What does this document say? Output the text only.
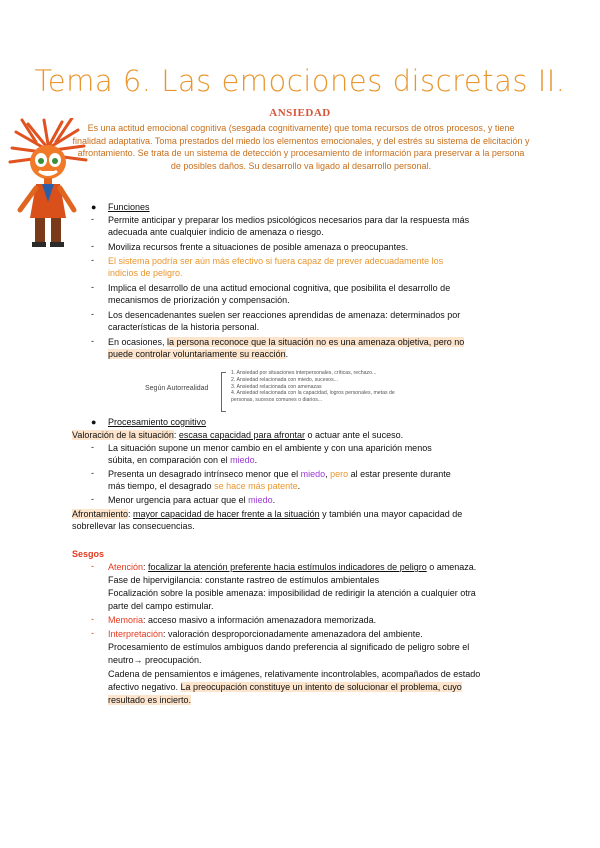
Tema 6. Las emociones discretas II.
ANSIEDAD
Es una actitud emocional cognitiva (sesgada cognitivamente) que toma recursos de otros procesos, y tiene finalidad adaptativa. Toma prestados del miedo los elementos emocionales, y del estrés su sistema de elicitación y afrontamiento. Se trata de un sistema de detección y procesamiento de información para preservar a la persona de posibles daños. Su desarrollo va ligado al desarrollo personal.
● Funciones
- Permite anticipar y preparar los medios psicológicos necesarios para dar la respuesta más
adecuada ante cualquier indicio de amenaza o riesgo.
- Moviliza recursos frente a situaciones de posible amenaza o preocupantes.
- El sistema podría ser aún más efectivo si fuera capaz de prever adecuadamente los
indicios de peligro.
- Implica el desarrollo de una actitud emocional cognitiva, que posibilita el desarrollo de
mecanismos de priorización y compensación.
- Los desencadenantes suelen ser reacciones aprendidas de amenaza: determinados por
características de la historia personal.
- En ocasiones, la persona reconoce que la situación no es una amenaza objetiva, pero no
puede controlar voluntariamente su reacción.
Según Autorrealidad
1. Ansiedad por situaciones interpersonales, críticas, rechazo...
2. Ansiedad relacionada con miedo, sucesos...
3. Ansiedad relacionada con amenazas
4. Ansiedad relacionada con la capacidad, logros personales, metas de
personas, sucesos comunes o diarios...
● Procesamiento cognitivo
Valoración de la situación: escasa capacidad para afrontar o actuar ante el suceso.
- La situación supone un menor cambio en el ambiente y con una aparición menos
súbita, en comparación con el miedo.
- Presenta un desagrado intrínseco menor que el miedo, pero al estar presente durante
más tiempo, el desagrado se hace más patente.
- Menor urgencia para actuar que el miedo.
Afrontamiento: mayor capacidad de hacer frente a la situación y también una mayor capacidad de
sobrellevar las consecuencias.
Sesgos
- Atención: focalizar la atención preferente hacia estímulos indicadores de peligro o amenaza.
Fase de hipervigilancia: constante rastreo de estímulos ambientales
Focalización sobre la posible amenaza: imposibilidad de redirigir la atención a cualquier otra
parte del campo estimular.
- Memoria: acceso masivo a información amenazadora memorizada.
- Interpretación: valoración desproporcionadamente amenazadora del ambiente.
Procesamiento de estímulos ambiguos dando preferencia al significado de peligro sobre el
neutro→ preocupación.
Cadena de pensamientos e imágenes, relativamente incontrolables, acompañados de estado
afectivo negativo. La preocupación constituye un intento de solucionar el problema, cuyo
resultado es incierto.
